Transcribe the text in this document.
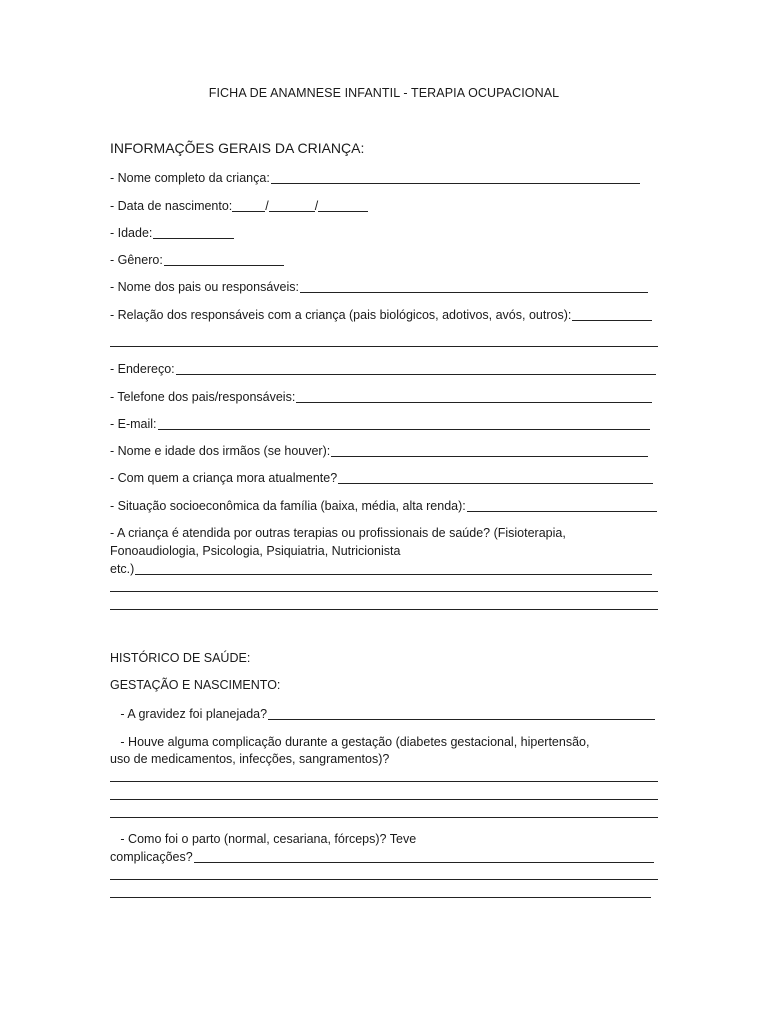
FICHA DE ANAMNESE INFANTIL - TERAPIA OCUPACIONAL
INFORMAÇÕES GERAIS DA CRIANÇA:
- Nome completo da criança:
- Data de nascimento:	/	/
- Idade:
- Gênero:
- Nome dos pais ou responsáveis:
- Relação dos responsáveis com a criança (pais biológicos, adotivos, avós, outros):
- Endereço:
- Telefone dos pais/responsáveis:
- E-mail:
- Nome e idade dos irmãos (se houver):
- Com quem a criança mora atualmente?
- Situação socioeconômica da família (baixa, média, alta renda):
- A criança é atendida por outras terapias ou profissionais de saúde? (Fisioterapia,
Fonoaudiologia, Psicologia, Psiquiatria, Nutricionista
etc.)
HISTÓRICO DE SAÚDE:
GESTAÇÃO E NASCIMENTO:
- A gravidez foi planejada?
- Houve alguma complicação durante a gestação (diabetes gestacional, hipertensão,
uso de medicamentos, infecções, sangramentos)?
- Como foi o parto (normal, cesariana, fórceps)? Teve
complicações?
